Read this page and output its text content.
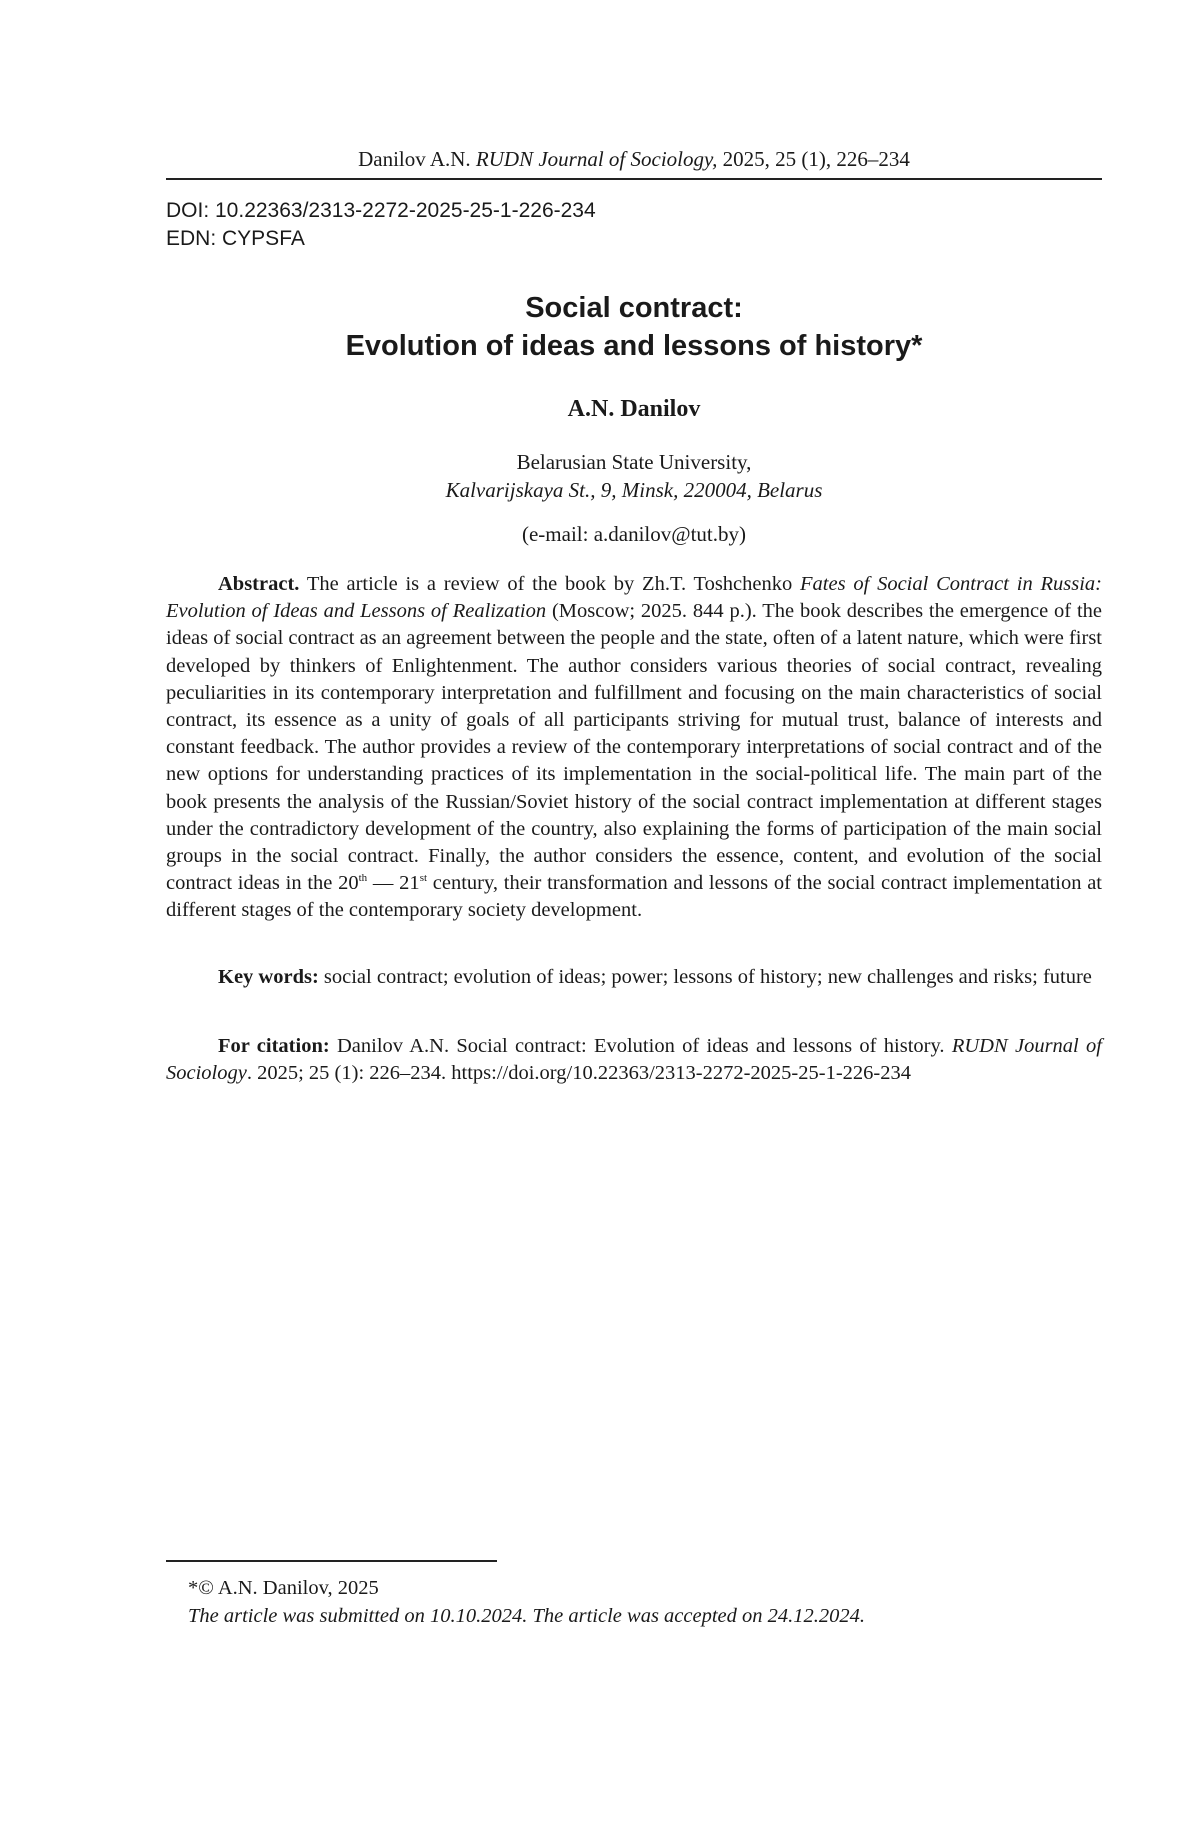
Danilov A.N. RUDN Journal of Sociology, 2025, 25 (1), 226–234
DOI: 10.22363/2313-2272-2025-25-1-226-234
EDN: CYPSFA
Social contract:
Evolution of ideas and lessons of history*
A.N. Danilov
Belarusian State University,
Kalvarijskaya St., 9, Minsk, 220004, Belarus
(e-mail: a.danilov@tut.by)

Abstract. The article is a review of the book by Zh.T. Toshchenko Fates of Social Contract in Russia: Evolution of Ideas and Lessons of Realization (Moscow; 2025. 844 p.). The book describes the emergence of the ideas of social contract as an agreement between the people and the state, often of a latent nature, which were first developed by thinkers of Enlightenment. The author considers various theories of social contract, revealing peculiarities in its contemporary interpretation and fulfillment and focusing on the main characteristics of social contract, its essence as a unity of goals of all participants striving for mutual trust, balance of interests and constant feedback. The author provides a review of the contemporary interpretations of social contract and of the new options for understanding practices of its implementation in the social-political life. The main part of the book presents the analysis of the Russian/Soviet history of the social contract implementation at different stages under the contradictory development of the country, also explaining the forms of participation of the main social groups in the social contract. Finally, the author considers the essence, content, and evolution of the social contract ideas in the 20th — 21st century, their transformation and lessons of the social contract implementation at different stages of the contemporary society development.

Key words: social contract; evolution of ideas; power; lessons of history; new challenges and risks; future

For citation: Danilov A.N. Social contract: Evolution of ideas and lessons of history. RUDN Journal of Sociology. 2025; 25 (1): 226–234. https://doi.org/10.22363/2313-2272-2025-25-1-226-234

*© A.N. Danilov, 2025
The article was submitted on 10.10.2024. The article was accepted on 24.12.2024.
